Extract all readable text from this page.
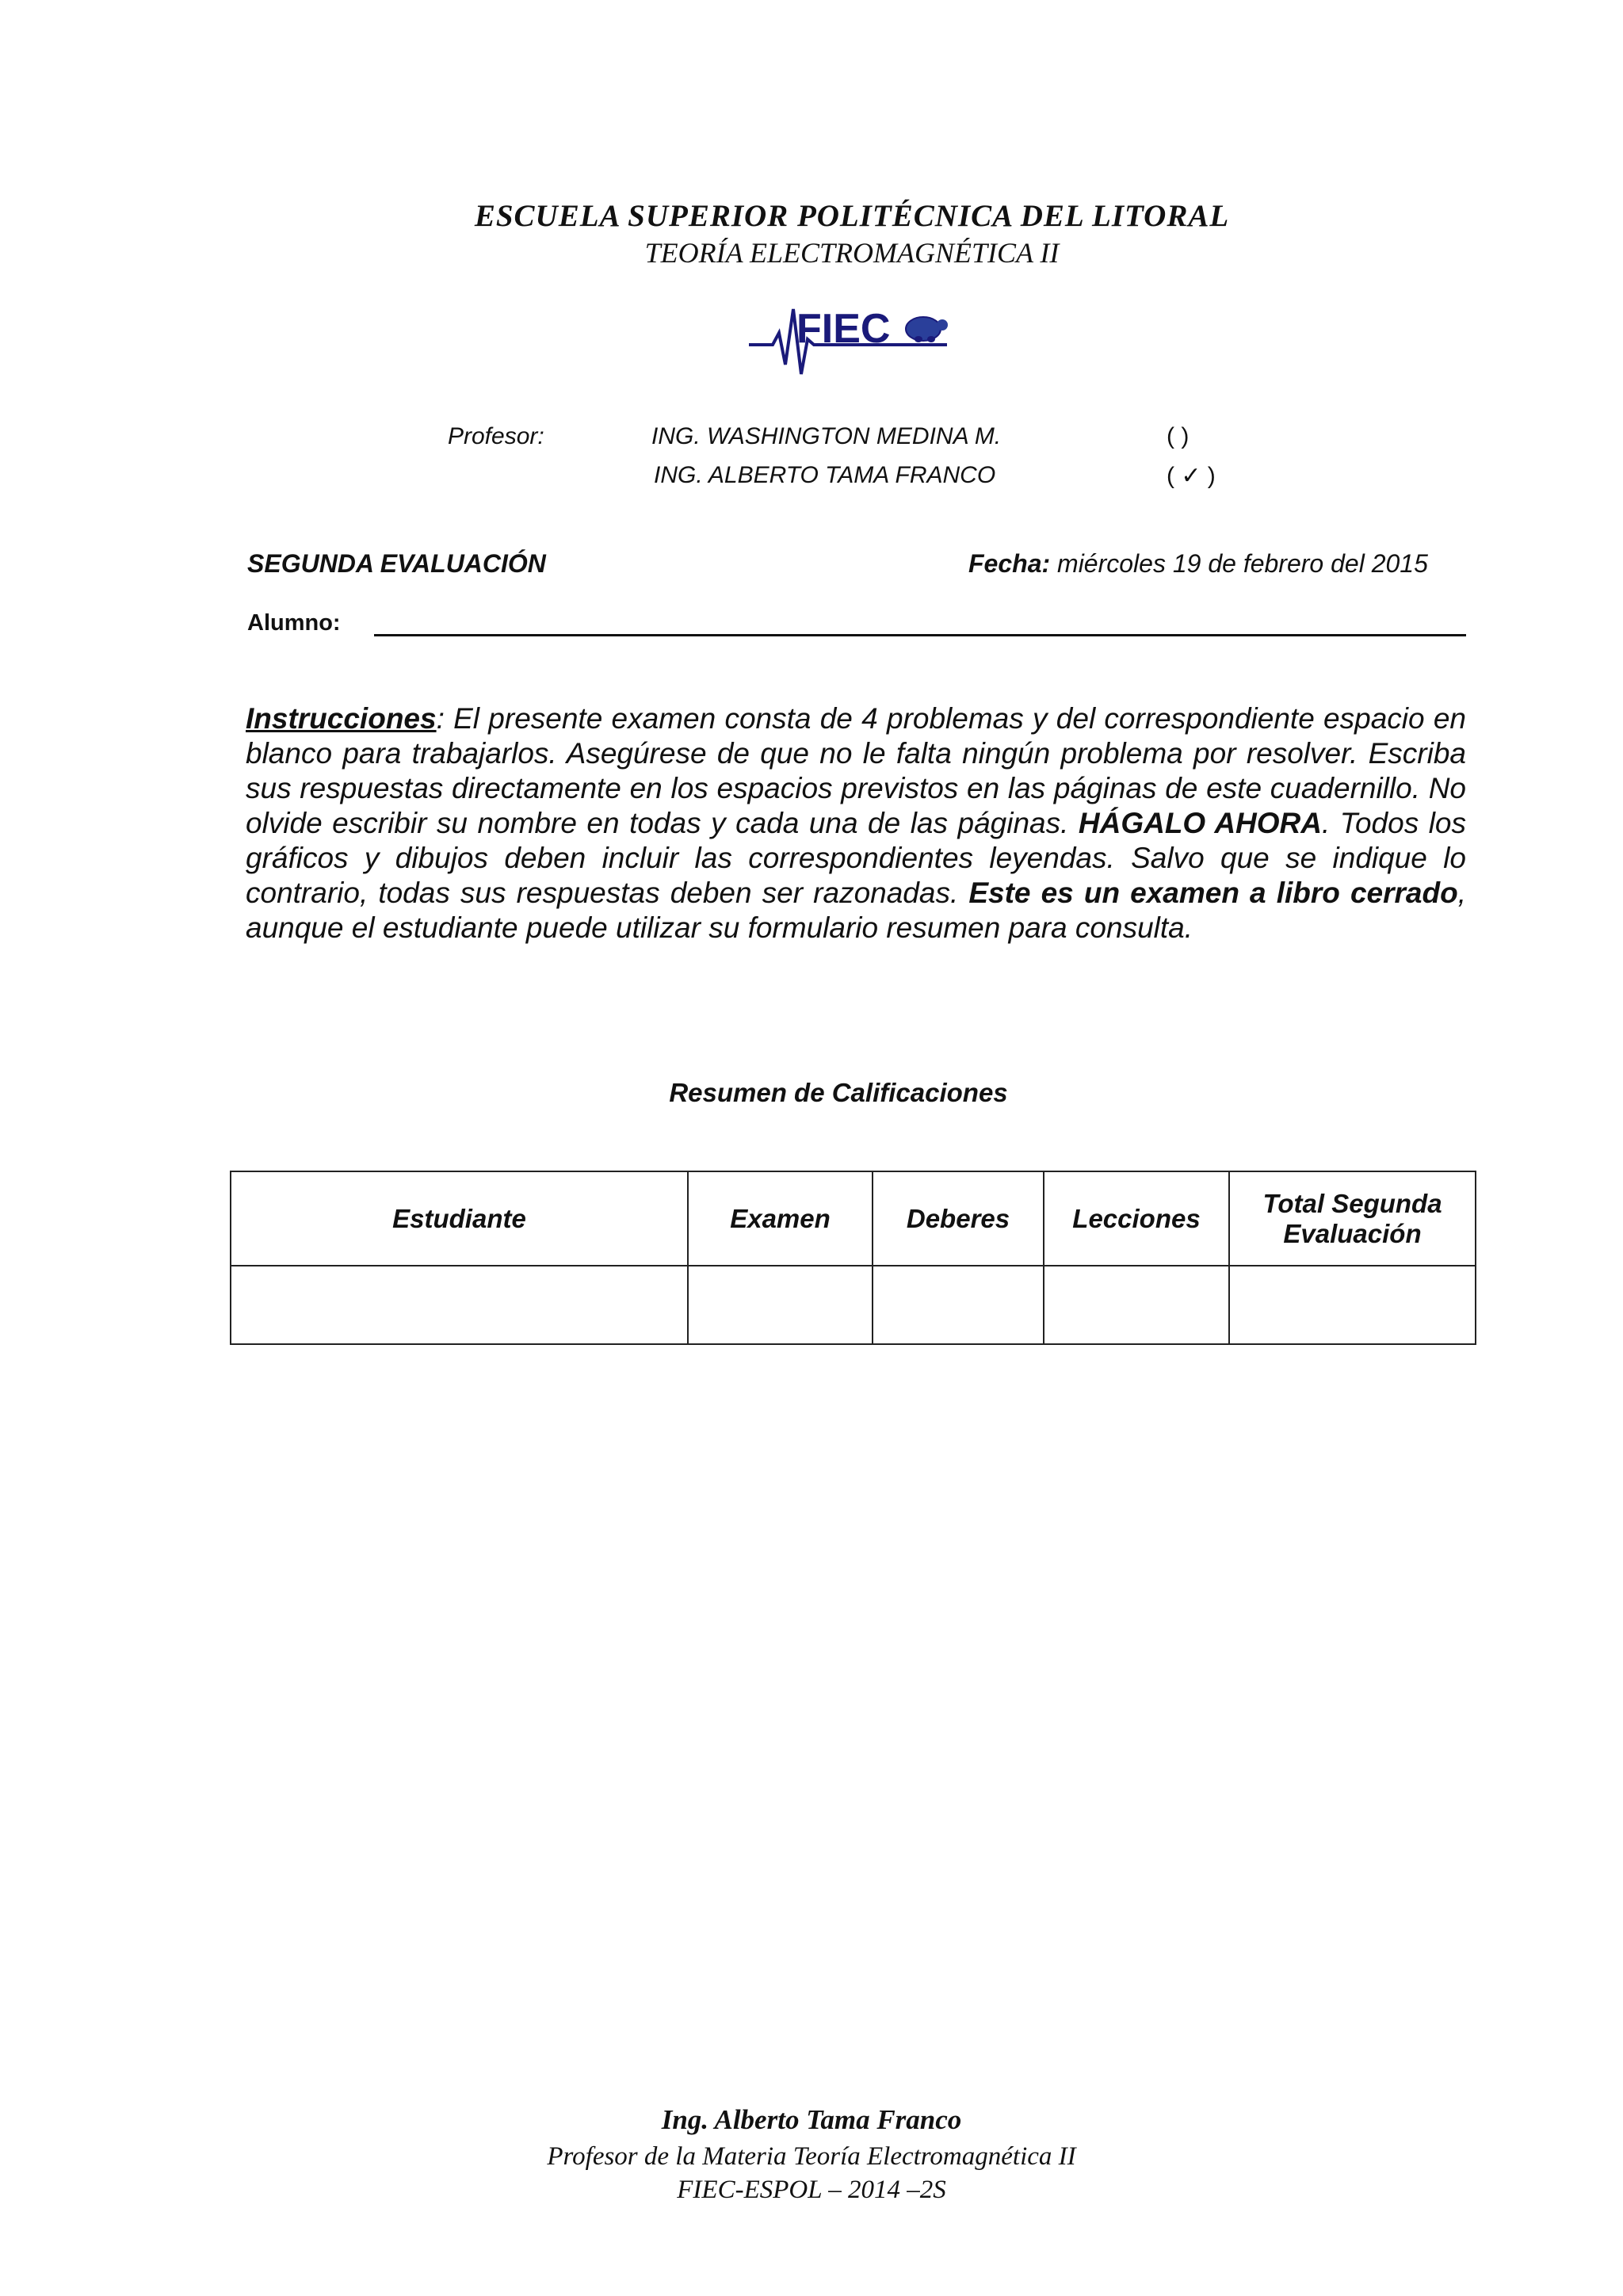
ESCUELA SUPERIOR POLITÉCNICA DEL LITORAL
TEORÍA ELECTROMAGNÉTICA II
FIEC
Profesor:	ING. WASHINGTON MEDINA M.	( )
ING. ALBERTO TAMA FRANCO	( ✓ )
SEGUNDA EVALUACIÓN	Fecha: miércoles 19 de febrero del 2015
Alumno:
Instrucciones: El presente examen consta de 4 problemas y del correspondiente espacio en blanco para trabajarlos. Asegúrese de que no le falta ningún problema por resolver. Escriba sus respuestas directamente en los espacios previstos en las páginas de este cuadernillo. No olvide escribir su nombre en todas y cada una de las páginas. HÁGALO AHORA. Todos los gráficos y dibujos deben incluir las correspondientes leyendas. Salvo que se indique lo contrario, todas sus respuestas deben ser razonadas. Este es un examen a libro cerrado, aunque el estudiante puede utilizar su formulario resumen para consulta.
Resumen de Calificaciones
Estudiante	Examen	Deberes	Lecciones	Total Segunda Evaluación

Ing. Alberto Tama Franco
Profesor de la Materia Teoría Electromagnética II
FIEC-ESPOL – 2014 –2S
